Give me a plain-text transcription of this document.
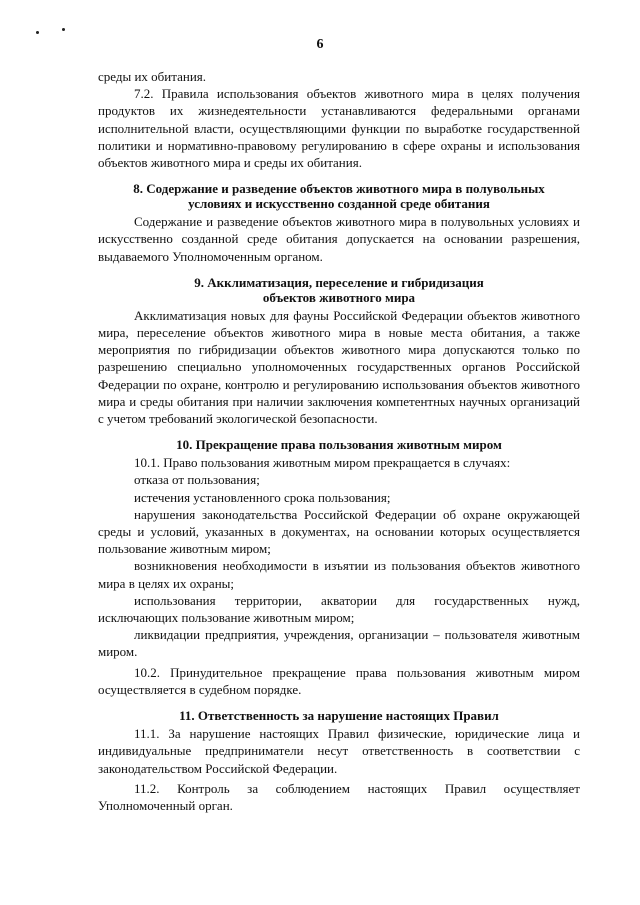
6

среды их обитания.

7.2. Правила использования объектов животного мира в целях получения продуктов их жизнедеятельности устанавливаются федеральными органами исполнительной власти, осуществляющими функции по выработке государственной политики и нормативно-правовому регулированию в сфере охраны и использования объектов животного мира и среды их обитания.

8. Содержание и разведение объектов животного мира в полувольных
условиях и искусственно созданной среде обитания

Содержание и разведение объектов животного мира в полувольных условиях и искусственно созданной среде обитания допускается на основании разрешения, выдаваемого Уполномоченным органом.

9. Акклиматизация, переселение и гибридизация
объектов животного мира

Акклиматизация новых для фауны Российской Федерации объектов животного мира, переселение объектов животного мира в новые места обитания, а также мероприятия по гибридизации объектов животного мира допускаются только по разрешению специально уполномоченных государственных органов Российской Федерации по охране, контролю и регулированию использования объектов животного мира и среды обитания при наличии заключения компетентных научных организаций с учетом требований экологической безопасности.

10. Прекращение права пользования животным миром

10.1. Право пользования животным миром прекращается в случаях:

отказа от пользования;

истечения установленного срока пользования;

нарушения законодательства Российской Федерации об охране окружающей среды и условий, указанных в документах, на основании которых осуществляется пользование животным миром;

возникновения необходимости в изъятии из пользования объектов животного мира в целях их охраны;

использования территории, акватории для государственных нужд, исключающих пользование животным миром;

ликвидации предприятия, учреждения, организации – пользователя животным миром.

10.2. Принудительное прекращение права пользования животным миром осуществляется в судебном порядке.

11. Ответственность за нарушение настоящих Правил

11.1. За нарушение настоящих Правил физические, юридические лица и индивидуальные предприниматели несут ответственность в соответствии с законодательством Российской Федерации.

11.2. Контроль за соблюдением настоящих Правил осуществляет Уполномоченный орган.
